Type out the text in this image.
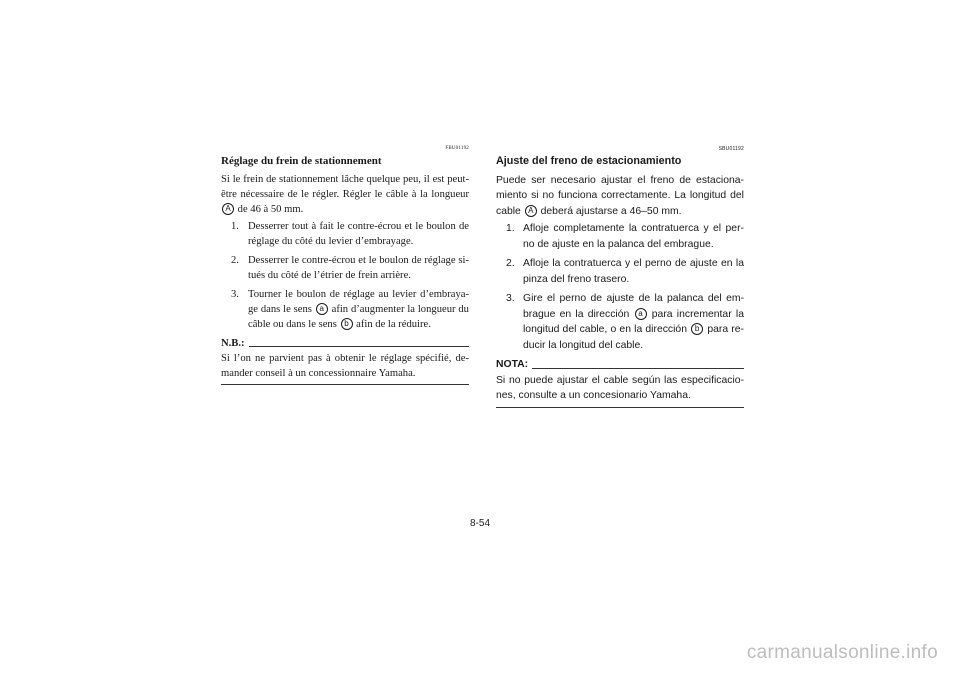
FBU01192
Réglage du frein de stationnement

Si le frein de stationnement lâche quelque peu, il est peut-être nécessaire de le régler. Régler le câble à la longueur A de 46 à 50 mm.

1. Desserrer tout à fait le contre-écrou et le boulon de réglage du côté du levier d’embrayage.
2. Desserrer le contre-écrou et le boulon de réglage si-tués du côté de l’étrier de frein arrière.
3. Tourner le boulon de réglage au levier d’embraya-ge dans le sens a afin d’augmenter la longueur du câble ou dans le sens b afin de la réduire.
N.B.:

Si l’on ne parvient pas à obtenir le réglage spécifié, de-mander conseil à un concessionnaire Yamaha.

SBU01192
Ajuste del freno de estacionamiento

Puede ser necesario ajustar el freno de estaciona-miento si no funciona correctamente. La longitud del cable A deberá ajustarse a 46–50 mm.

1. Afloje completamente la contratuerca y el per-no de ajuste en la palanca del embrague.
2. Afloje la contratuerca y el perno de ajuste en la pinza del freno trasero.
3. Gire el perno de ajuste de la palanca del em-brague en la dirección a para incrementar la longitud del cable, o en la dirección b para re-ducir la longitud del cable.
NOTA:

Si no puede ajustar el cable según las especificacio-nes, consulte a un concesionario Yamaha.

8-54
carmanualsonline.info
